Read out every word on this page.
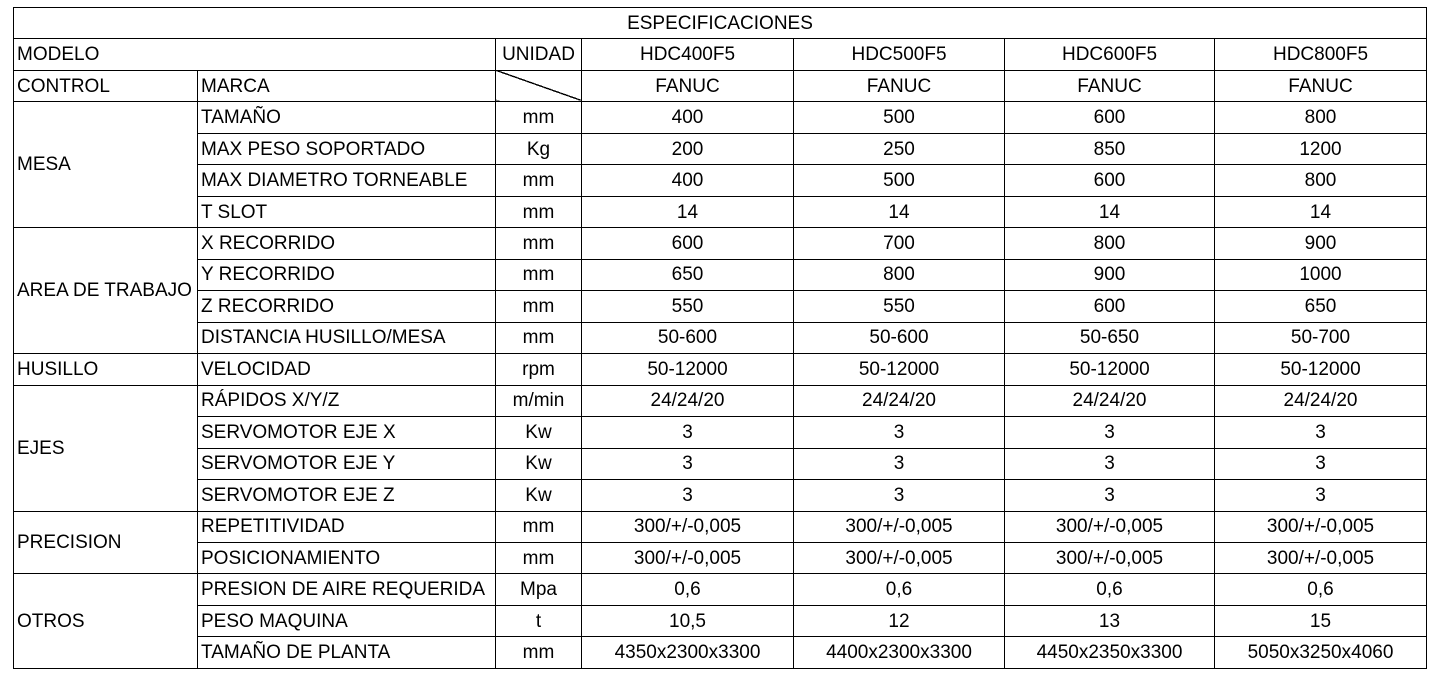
ESPECIFICACIONES						
MODELO		UNIDAD	HDC400F5	HDC500F5	HDC600F5	HDC800F5
CONTROL	MARCA		FANUC	FANUC	FANUC	FANUC
MESA	TAMAÑO	mm	400	500	600	800
	MAX PESO SOPORTADO	Kg	200	250	850	1200
	MAX DIAMETRO TORNEABLE	mm	400	500	600	800
	T SLOT	mm	14	14	14	14
AREA DE TRABAJO	X RECORRIDO	mm	600	700	800	900
	Y RECORRIDO	mm	650	800	900	1000
	Z RECORRIDO	mm	550	550	600	650
	DISTANCIA HUSILLO/MESA	mm	50-600	50-600	50-650	50-700
HUSILLO	VELOCIDAD	rpm	50-12000	50-12000	50-12000	50-12000
EJES	RÁPIDOS X/Y/Z	m/min	24/24/20	24/24/20	24/24/20	24/24/20
	SERVOMOTOR EJE X	Kw	3	3	3	3
	SERVOMOTOR EJE Y	Kw	3	3	3	3
	SERVOMOTOR EJE Z	Kw	3	3	3	3
PRECISION	REPETITIVIDAD	mm	300/+/-0,005	300/+/-0,005	300/+/-0,005	300/+/-0,005
	POSICIONAMIENTO	mm	300/+/-0,005	300/+/-0,005	300/+/-0,005	300/+/-0,005
OTROS	PRESION DE AIRE REQUERIDA	Mpa	0,6	0,6	0,6	0,6
	PESO MAQUINA	t	10,5	12	13	15
	TAMAÑO DE PLANTA	mm	4350x2300x3300	4400x2300x3300	4450x2350x3300	5050x3250x4060
